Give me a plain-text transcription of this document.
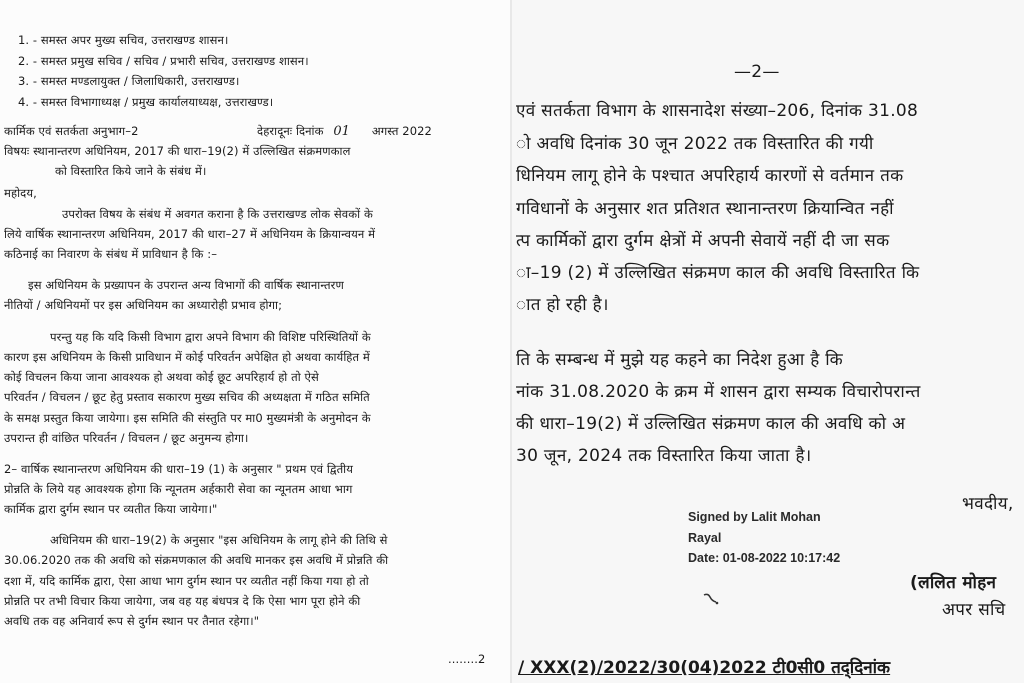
1. - समस्त अपर मुख्य सचिव, उत्तराखण्ड शासन।
2. - समस्त प्रमुख सचिव / सचिव / प्रभारी सचिव, उत्तराखण्ड शासन।
3. - समस्त मण्डलायुक्त / जिलाधिकारी, उत्तराखण्ड।
4. - समस्त विभागाध्यक्ष / प्रमुख कार्यालयाध्यक्ष, उत्तराखण्ड।
कार्मिक एवं सतर्कता अनुभाग–2	देहरादूनः दिनांक 01 अगस्त 2022
विषयः स्थानान्तरण अधिनियम, 2017 की धारा–19(2) में उल्लिखित संक्रमणकाल
को विस्तारित किये जाने के संबंध में।
महोदय,
उपरोक्त विषय के संबंध में अवगत कराना है कि उत्तराखण्ड लोक सेवकों के
लिये वार्षिक स्थानान्तरण अधिनियम, 2017 की धारा–27 में अधिनियम के क्रियान्वयन में
कठिनाई का निवारण के संबंध में प्राविधान है कि :–
इस अधिनियम के प्रख्यापन के उपरान्त अन्य विभागों की वार्षिक स्थानान्तरण
नीतियों / अधिनियमों पर इस अधिनियम का अध्यारोही प्रभाव होगा;
परन्तु यह कि यदि किसी विभाग द्वारा अपने विभाग की विशिष्ट परिस्थितियों के
कारण इस अधिनियम के किसी प्राविधान में कोई परिवर्तन अपेक्षित हो अथवा कार्यहित में
कोई विचलन किया जाना आवश्यक हो अथवा कोई छूट अपरिहार्य हो तो ऐसे
परिवर्तन / विचलन / छूट हेतु प्रस्ताव सकारण मुख्य सचिव की अध्यक्षता में गठित समिति
के समक्ष प्रस्तुत किया जायेगा। इस समिति की संस्तुति पर मा0 मुख्यमंत्री के अनुमोदन के
उपरान्त ही वांछित परिवर्तन / विचलन / छूट अनुमन्य होगा।
2– वार्षिक स्थानान्तरण अधिनियम की धारा–19 (1) के अनुसार " प्रथम एवं द्वितीय
प्रोन्नति के लिये यह आवश्यक होगा कि न्यूनतम अर्हकारी सेवा का न्यूनतम आधा भाग
कार्मिक द्वारा दुर्गम स्थान पर व्यतीत किया जायेगा।"
अधिनियम की धारा–19(2) के अनुसार "इस अधिनियम के लागू होने की तिथि से
30.06.2020 तक की अवधि को संक्रमणकाल की अवधि मानकर इस अवधि में प्रोन्नति की
दशा में, यदि कार्मिक द्वारा, ऐसा आधा भाग दुर्गम स्थान पर व्यतीत नहीं किया गया हो तो
प्रोन्नति पर तभी विचार किया जायेगा, जब वह यह बंधपत्र दे कि ऐसा भाग पूरा होने की
अवधि तक वह अनिवार्य रूप से दुर्गम स्थान पर तैनात रहेगा।"
........2
—2—
एवं सतर्कता विभाग के शासनादेश संख्या–206, दिनांक 31.08
ो अवधि दिनांक 30 जून 2022 तक विस्तारित की गयी
धिनियम लागू होने के पश्चात अपरिहार्य कारणों से वर्तमान तक
गविधानों के अनुसार शत प्रतिशत स्थानान्तरण क्रियान्वित नहीं
त्प कार्मिकों द्वारा दुर्गम क्षेत्रों में अपनी सेवायें नहीं दी जा सक
ा–19 (2) में उल्लिखित संक्रमण काल की अवधि विस्तारित कि
ात हो रही है।
ति के सम्बन्ध में मुझे यह कहने का निदेश हुआ है कि
नांक 31.08.2020 के क्रम में शासन द्वारा सम्यक विचारोपरान्त
की धारा–19(2) में उल्लिखित संक्रमण काल की अवधि को अ
30 जून, 2024 तक विस्तारित किया जाता है।
भवदीय,
Signed by Lalit Mohan
Rayal
Date: 01-08-2022 10:17:42
(ललित मोहन
अपर सचि
/ XXX(2)/2022/30(04)2022 टी0सी0 तद्‌दिनांक
